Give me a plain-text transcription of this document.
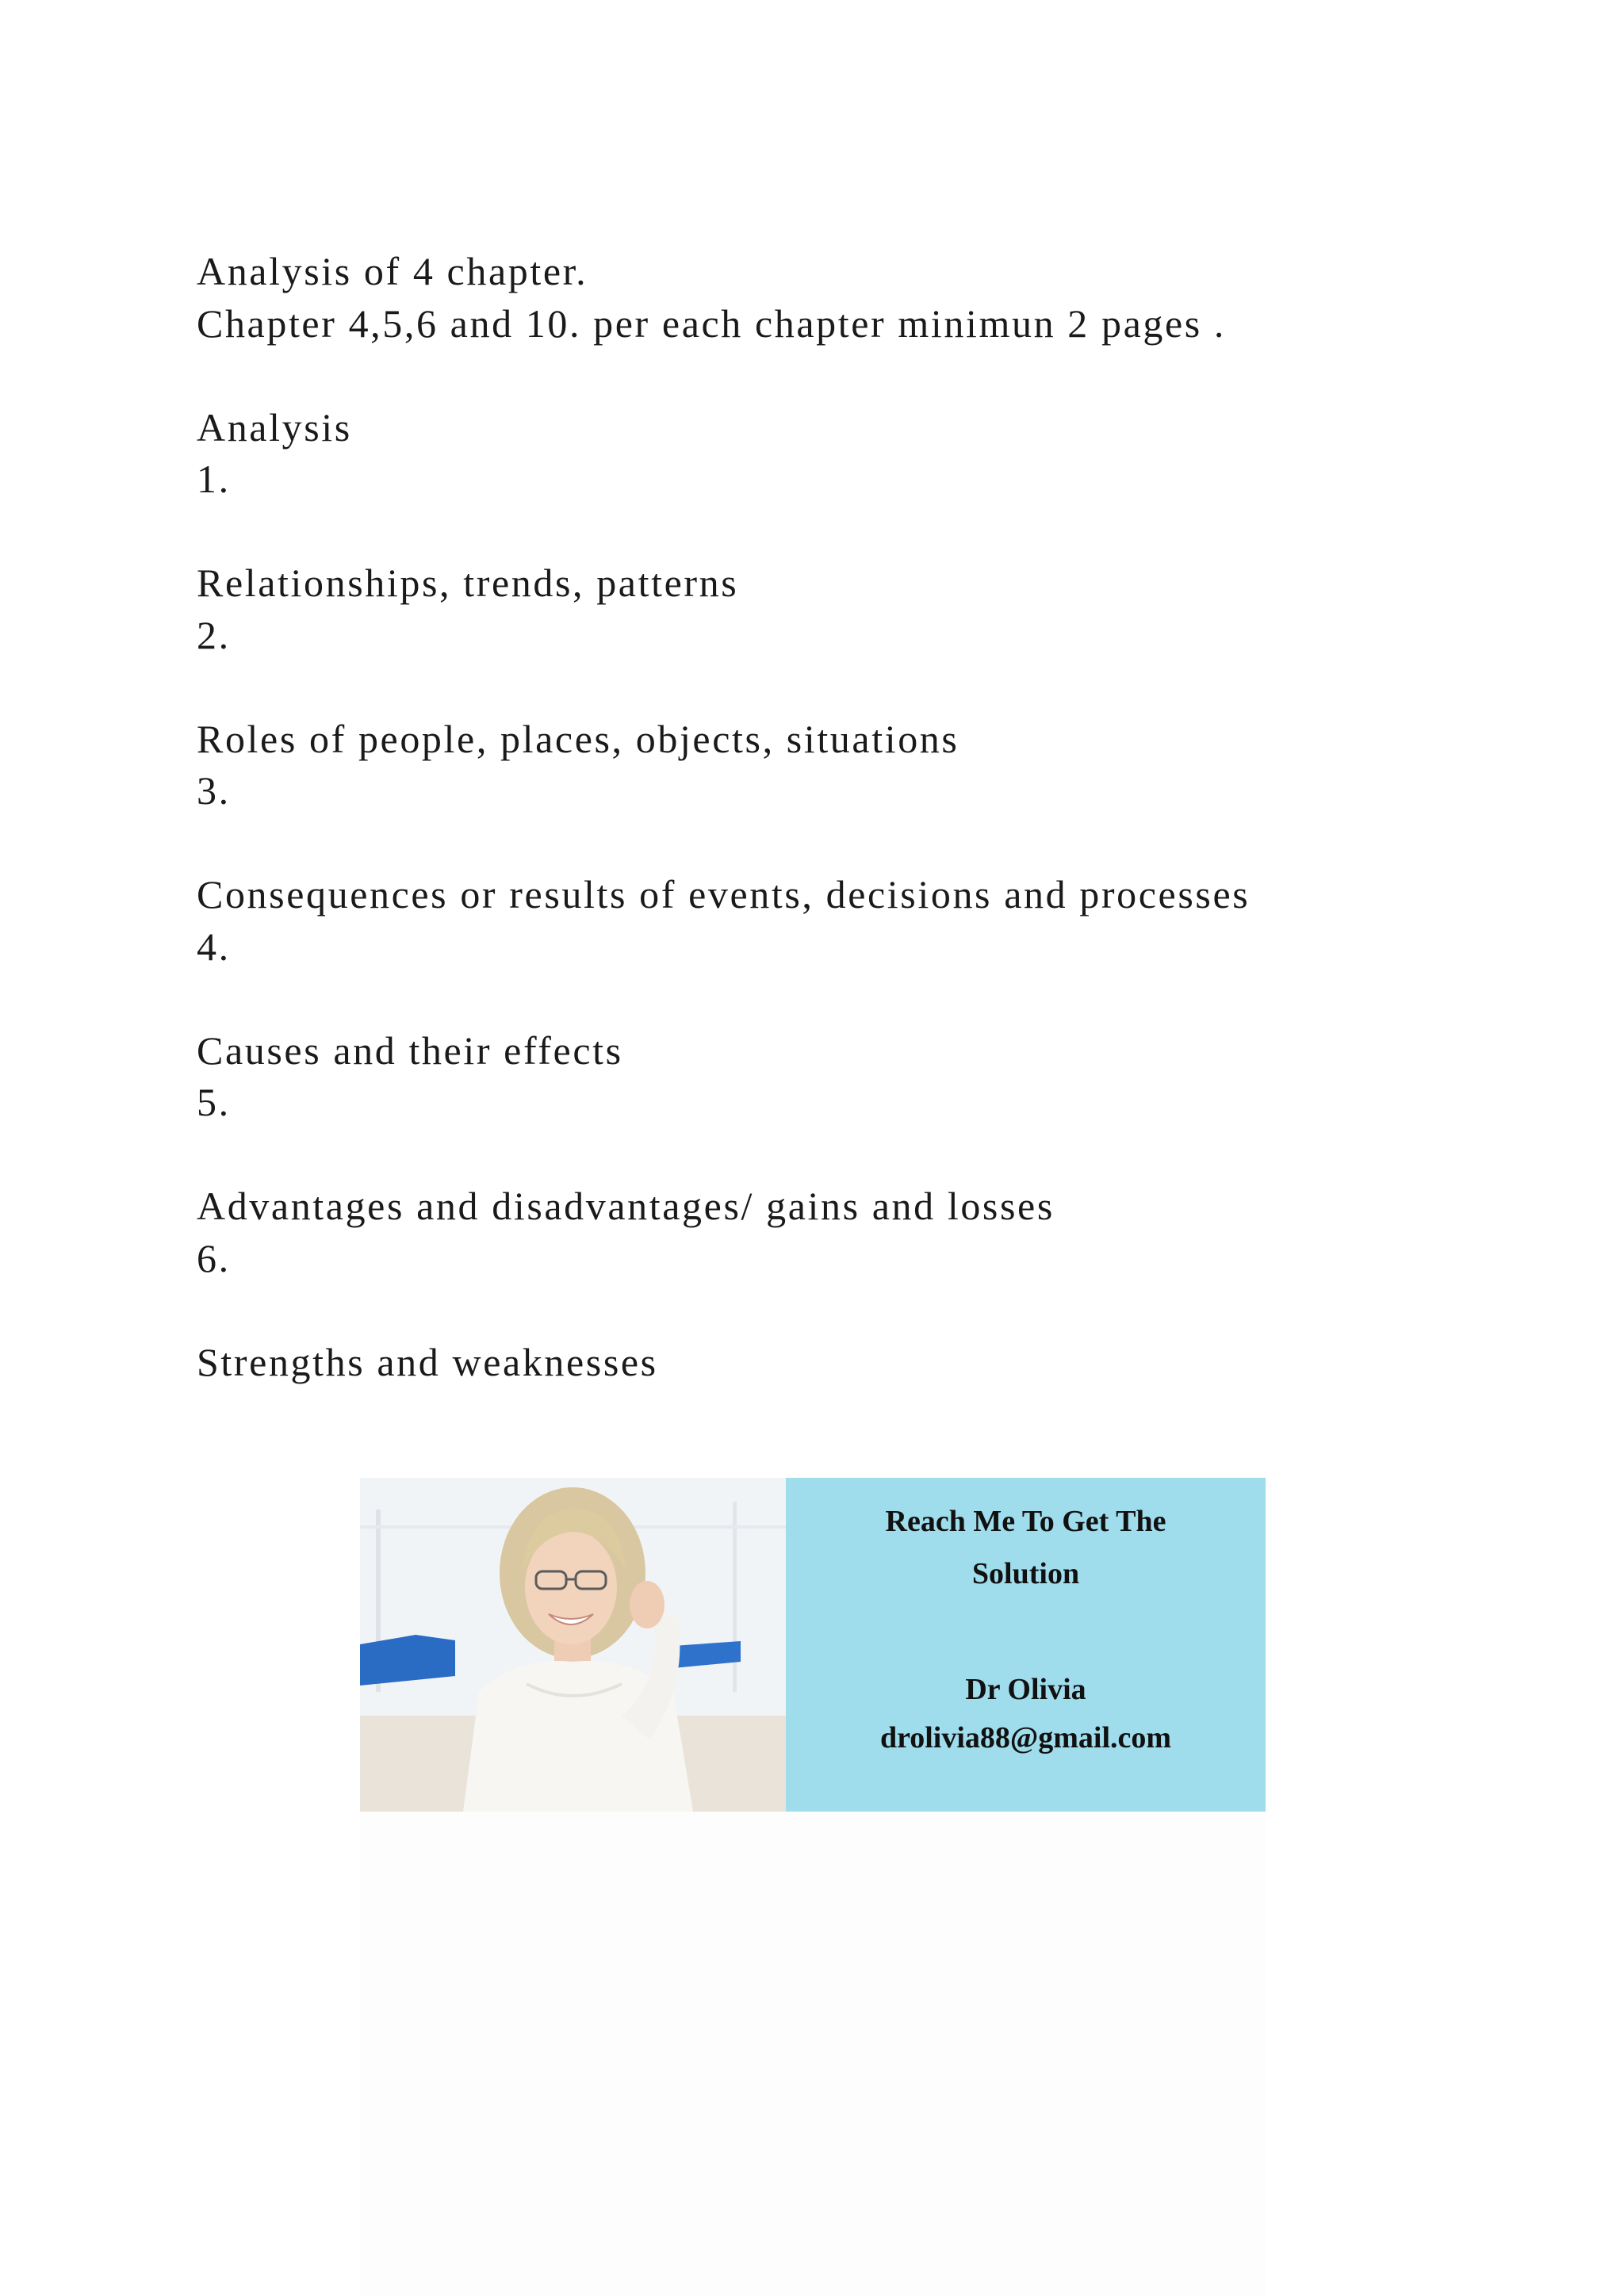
Analysis of 4 chapter.
Chapter 4,5,6 and 10. per each chapter minimun 2 pages .
Analysis
1.
Relationships, trends, patterns
2.
Roles of people, places, objects, situations
3.
Consequences or results of events, decisions and processes
4.
Causes and their effects
5.
Advantages and disadvantages/ gains and losses
6.
Strengths and weaknesses
Reach Me To Get The
Solution
Dr Olivia
drolivia88@gmail.com
